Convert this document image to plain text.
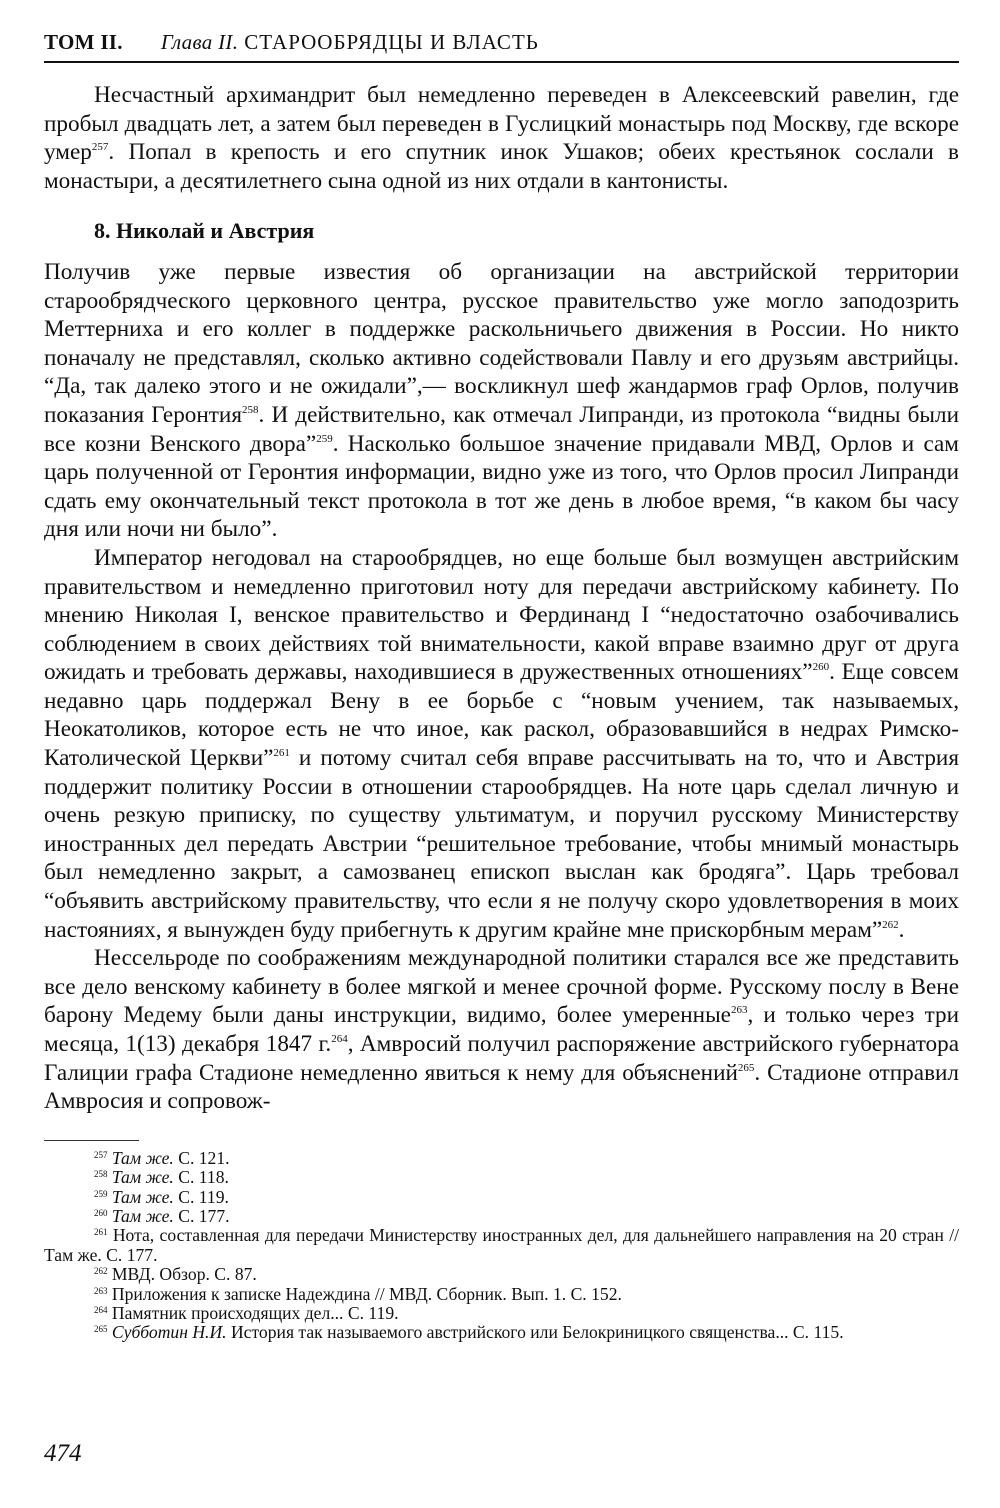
ТОМ II. Глава II. СТАРООБРЯДЦЫ И ВЛАСТЬ

Несчастный архимандрит был немедленно переведен в Алексеевский равелин, где пробыл двадцать лет, а затем был переведен в Гуслицкий монастырь под Москву, где вскоре умер$^{257}$. Попал в крепость и его спутник инок Ушаков; обеих крестьянок сослали в монастыри, а десятилетнего сына одной из них отдали в кантонисты.

8. Николай и Австрия

Получив уже первые известия об организации на австрийской территории старообрядческого церковного центра, русское правительство уже могло заподозрить Меттерниха и его коллег в поддержке раскольничьего движения в России. Но никто поначалу не представлял, сколько активно содействовали Павлу и его друзьям австрийцы. “Да, так далеко этого и не ожидали”,— воскликнул шеф жандармов граф Орлов, получив показания Геронтия$^{258}$. И действительно, как отмечал Липранди, из протокола “видны были все козни Венского двора”$^{259}$. Насколько большое значение придавали МВД, Орлов и сам царь полученной от Геронтия информации, видно уже из того, что Орлов просил Липранди сдать ему окончательный текст протокола в тот же день в любое время, “в каком бы часу дня или ночи ни было”.

Император негодовал на старообрядцев, но еще больше был возмущен австрийским правительством и немедленно приготовил ноту для передачи австрийскому кабинету. По мнению Николая I, венское правительство и Фердинанд I “недостаточно озабочивались соблюдением в своих действиях той внимательности, какой вправе взаимно друг от друга ожидать и требовать державы, находившиеся в дружественных отношениях”$^{260}$. Еще совсем недавно царь поддержал Вену в ее борьбе с “новым учением, так называемых, Неокатоликов, которое есть не что иное, как раскол, образовавшийся в недрах Римско-Католической Церкви”$^{261}$ и потому считал себя вправе рассчитывать на то, что и Австрия поддержит политику России в отношении старообрядцев. На ноте царь сделал личную и очень резкую приписку, по существу ультиматум, и поручил русскому Министерству иностранных дел передать Австрии “решительное требование, чтобы мнимый монастырь был немедленно закрыт, а самозванец епископ выслан как бродяга”. Царь требовал “объявить австрийскому правительству, что если я не получу скоро удовлетворения в моих настояниях, я вынужден буду прибегнуть к другим крайне мне прискорбным мерам”$^{262}$.

Нессельроде по соображениям международной политики старался все же представить все дело венскому кабинету в более мягкой и менее срочной форме. Русскому послу в Вене барону Медему были даны инструкции, видимо, более умеренные$^{263}$, и только через три месяца, 1(13) декабря 1847 г.$^{264}$, Амвросий получил распоряжение австрийского губернатора Галиции графа Стадионе немедленно явиться к нему для объяснений$^{265}$. Стадионе отправил Амвросия и сопровож-

$^{257}$ Там же. С. 121.

$^{258}$ Там же. С. 118.

$^{259}$ Там же. С. 119.

$^{260}$ Там же. С. 177.

$^{261}$ Нота, составленная для передачи Министерству иностранных дел, для дальнейшего направления на 20 стран // Там же. С. 177.

$^{262}$ МВД. Обзор. С. 87.

$^{263}$ Приложения к записке Надеждина // МВД. Сборник. Вып. 1. С. 152.

$^{264}$ Памятник происходящих дел... С. 119.

$^{265}$ Субботин Н.И. История так называемого австрийского или Белокриницкого священства... С. 115.

474
